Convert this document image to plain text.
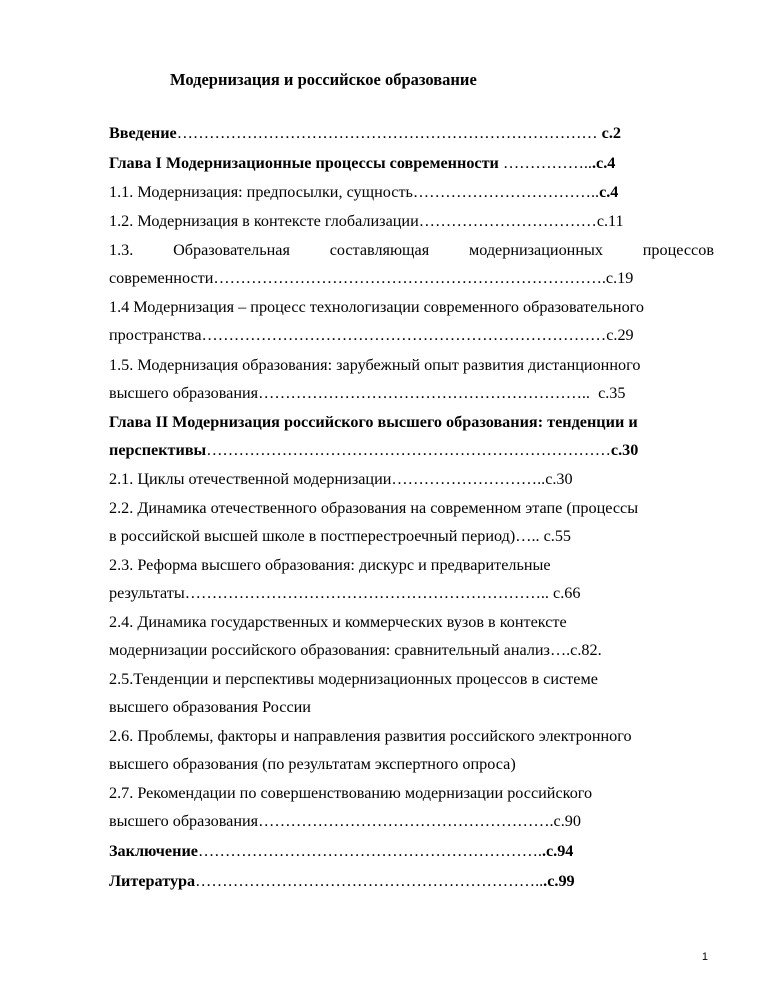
Модернизация и российское образование
Введение…………………………………………………………………… с.2
Глава I Модернизационные процессы современности ……………...с.4
1.1. Модернизация: предпосылки, сущность……………………………..с.4
1.2. Модернизация в контексте глобализации……………………………с.11
1.3. Образовательная составляющая модернизационных процессов
современности……………………………………………………………….с.19
1.4 Модернизация – процесс технологизации современного образовательного
пространства…………………………………………………………………с.29
1.5. Модернизация образования: зарубежный опыт развития дистанционного
высшего образования……………………………………………………..  с.35
Глава II Модернизация российского высшего образования: тенденции и
перспективы…………………………………………………………………с.30
2.1. Циклы отечественной модернизации………………………..с.30
2.2. Динамика отечественного образования на современном этапе (процессы
в российской высшей школе в постперестроечный период)….. с.55
2.3. Реформа высшего образования: дискурс и предварительные
результаты………………………………………………………….. с.66
2.4. Динамика государственных и коммерческих вузов в контексте
модернизации российского образования: сравнительный анализ….с.82.
2.5.Тенденции и перспективы модернизационных процессов в системе
высшего образования России
2.6. Проблемы, факторы и направления развития российского электронного
высшего образования (по результатам экспертного опроса)
2.7. Рекомендации по совершенствованию модернизации российского
высшего образования……………………………………………….с.90
Заключение………………………………………………………..с.94
Литература………………………………………………………...с.99
1
